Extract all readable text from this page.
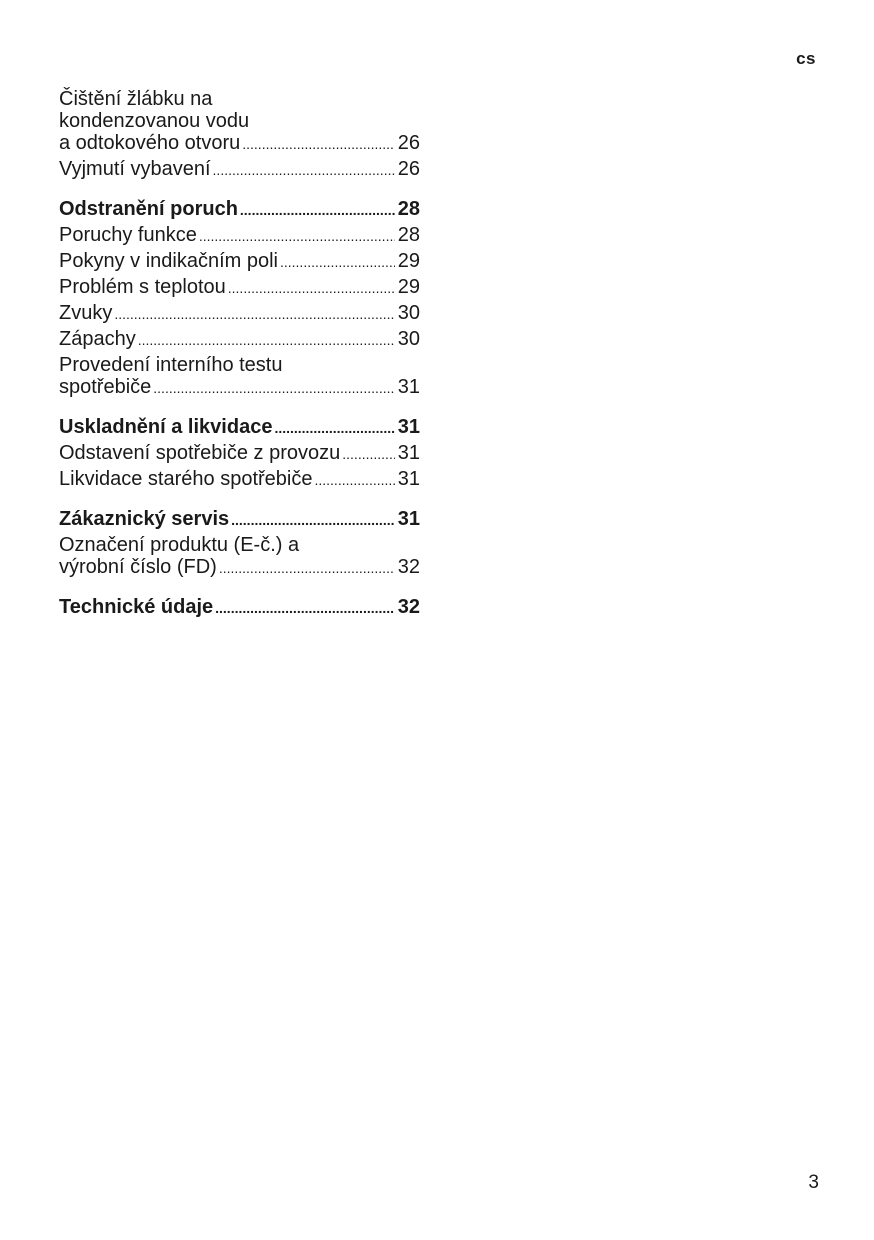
cs
Čištění žlábku na
kondenzovanou vodu
a odtokového otvoru .....	26
Vyjmutí vybavení .....	26
Odstranění poruch .....	28
Poruchy funkce .....	28
Pokyny v indikačním poli .....	29
Problém s teplotou .....	29
Zvuky .....	30
Zápachy .....	30
Provedení interního testu
spotřebiče .....	31
Uskladnění a likvidace .....	31
Odstavení spotřebiče z provozu .....	31
Likvidace starého spotřebiče .....	31
Zákaznický servis .....	31
Označení produktu (E-č.) a
výrobní číslo (FD) .....	32
Technické údaje .....	32
3
